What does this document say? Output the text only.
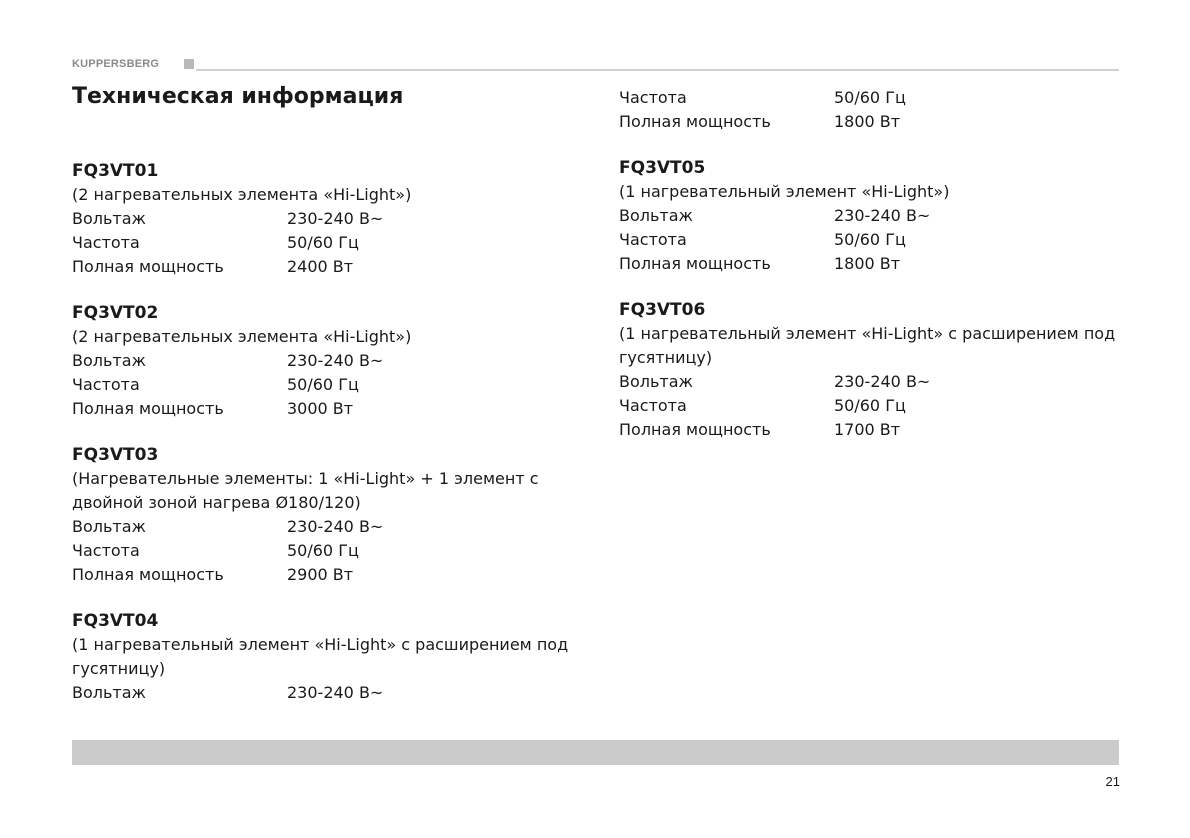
KUPPERSBERG
Техническая информация
FQ3VT01
(2 нагревательных элемента «Hi-Light»)
Вольтаж	230-240 В~
Частота	50/60 Гц
Полная мощность	2400 Вт
FQ3VT02
(2 нагревательных элемента «Hi-Light»)
Вольтаж	230-240 В~
Частота	50/60 Гц
Полная мощность	3000 Вт
FQ3VT03
(Нагревательные элементы: 1 «Hi-Light» + 1 элемент с двойной зоной нагрева Ø180/120)
Вольтаж	230-240 В~
Частота	50/60 Гц
Полная мощность	2900 Вт
FQ3VT04
(1 нагревательный элемент «Hi-Light» с расширением под гусятницу)
Вольтаж	230-240 В~
Частота	50/60 Гц
Полная мощность	1800 Вт
FQ3VT05
(1 нагревательный элемент «Hi-Light»)
Вольтаж	230-240 В~
Частота	50/60 Гц
Полная мощность	1800 Вт
FQ3VT06
(1 нагревательный элемент «Hi-Light» с расширением под гусятницу)
Вольтаж	230-240 В~
Частота	50/60 Гц
Полная мощность	1700 Вт
21
